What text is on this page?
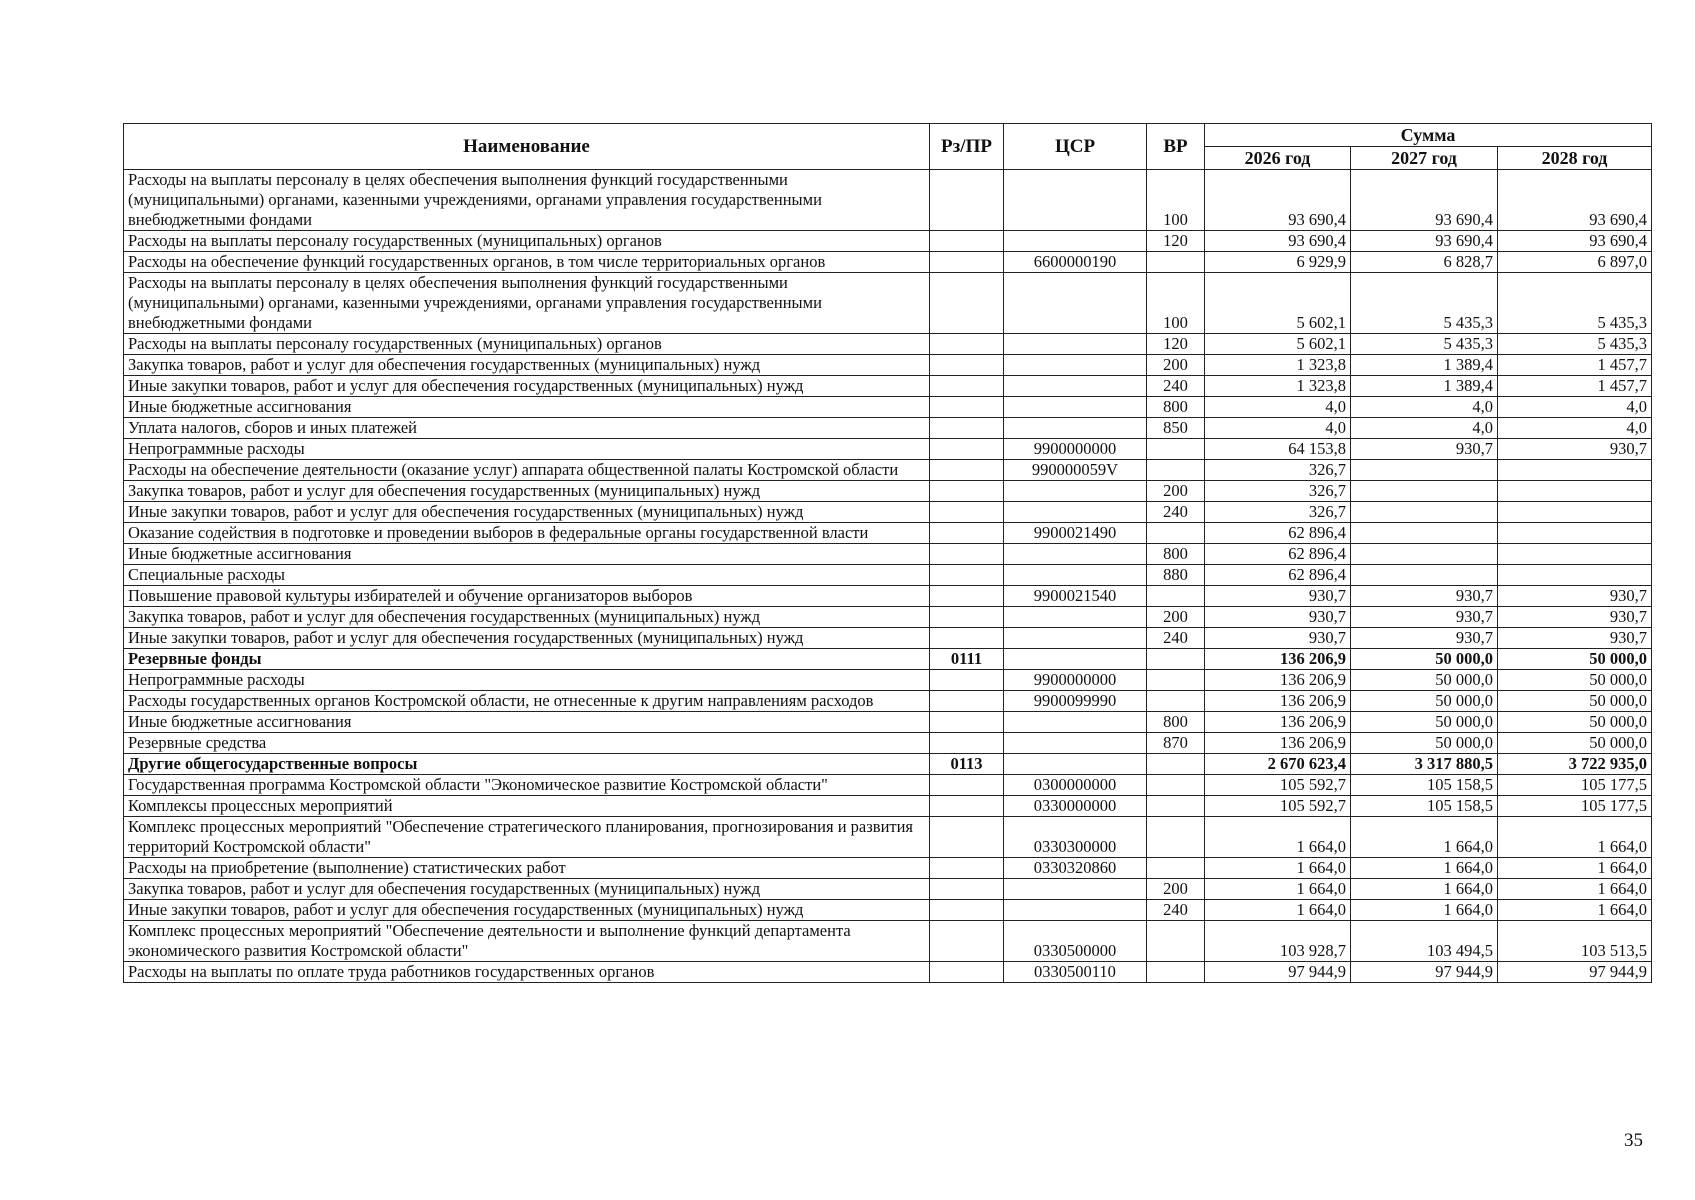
Наименование	Рз/ПР	ЦСР	ВР	Сумма		
				2026 год	2027 год	2028 год
Расходы на выплаты персоналу в целях обеспечения выполнения функций государственными (муниципальными) органами, казенными учреждениями, органами управления государственными внебюджетными фондами			100	93 690,4	93 690,4	93 690,4
Расходы на выплаты персоналу государственных (муниципальных) органов			120	93 690,4	93 690,4	93 690,4
Расходы на обеспечение функций государственных органов, в том числе территориальных органов		6600000190		6 929,9	6 828,7	6 897,0
Расходы на выплаты персоналу в целях обеспечения выполнения функций государственными (муниципальными) органами, казенными учреждениями, органами управления государственными внебюджетными фондами			100	5 602,1	5 435,3	5 435,3
Расходы на выплаты персоналу государственных (муниципальных) органов			120	5 602,1	5 435,3	5 435,3
Закупка товаров, работ и услуг для обеспечения государственных (муниципальных) нужд			200	1 323,8	1 389,4	1 457,7
Иные закупки товаров, работ и услуг для обеспечения государственных (муниципальных) нужд			240	1 323,8	1 389,4	1 457,7
Иные бюджетные ассигнования			800	4,0	4,0	4,0
Уплата налогов, сборов и иных платежей			850	4,0	4,0	4,0
Непрограммные расходы		9900000000		64 153,8	930,7	930,7
Расходы на обеспечение деятельности (оказание услуг) аппарата общественной палаты Костромской области		990000059V		326,7		
Закупка товаров, работ и услуг для обеспечения государственных (муниципальных) нужд			200	326,7		
Иные закупки товаров, работ и услуг для обеспечения государственных (муниципальных) нужд			240	326,7		
Оказание содействия в подготовке и проведении выборов в федеральные органы государственной власти		9900021490		62 896,4		
Иные бюджетные ассигнования			800	62 896,4		
Специальные расходы			880	62 896,4		
Повышение правовой культуры избирателей и обучение организаторов выборов		9900021540		930,7	930,7	930,7
Закупка товаров, работ и услуг для обеспечения государственных (муниципальных) нужд			200	930,7	930,7	930,7
Иные закупки товаров, работ и услуг для обеспечения государственных (муниципальных) нужд			240	930,7	930,7	930,7
Резервные фонды	0111			136 206,9	50 000,0	50 000,0
Непрограммные расходы		9900000000		136 206,9	50 000,0	50 000,0
Расходы государственных органов Костромской области, не отнесенные к другим направлениям расходов		9900099990		136 206,9	50 000,0	50 000,0
Иные бюджетные ассигнования			800	136 206,9	50 000,0	50 000,0
Резервные средства			870	136 206,9	50 000,0	50 000,0
Другие общегосударственные вопросы	0113			2 670 623,4	3 317 880,5	3 722 935,0
Государственная программа Костромской области "Экономическое развитие Костромской области"		0300000000		105 592,7	105 158,5	105 177,5
Комплексы процессных мероприятий		0330000000		105 592,7	105 158,5	105 177,5
Комплекс процессных мероприятий "Обеспечение стратегического планирования, прогнозирования и развития территорий Костромской области"		0330300000		1 664,0	1 664,0	1 664,0
Расходы на приобретение (выполнение) статистических работ		0330320860		1 664,0	1 664,0	1 664,0
Закупка товаров, работ и услуг для обеспечения государственных (муниципальных) нужд			200	1 664,0	1 664,0	1 664,0
Иные закупки товаров, работ и услуг для обеспечения государственных (муниципальных) нужд			240	1 664,0	1 664,0	1 664,0
Комплекс процессных мероприятий "Обеспечение деятельности и выполнение функций департамента экономического развития Костромской области"		0330500000		103 928,7	103 494,5	103 513,5
Расходы на выплаты по оплате труда работников государственных органов		0330500110		97 944,9	97 944,9	97 944,9
35
